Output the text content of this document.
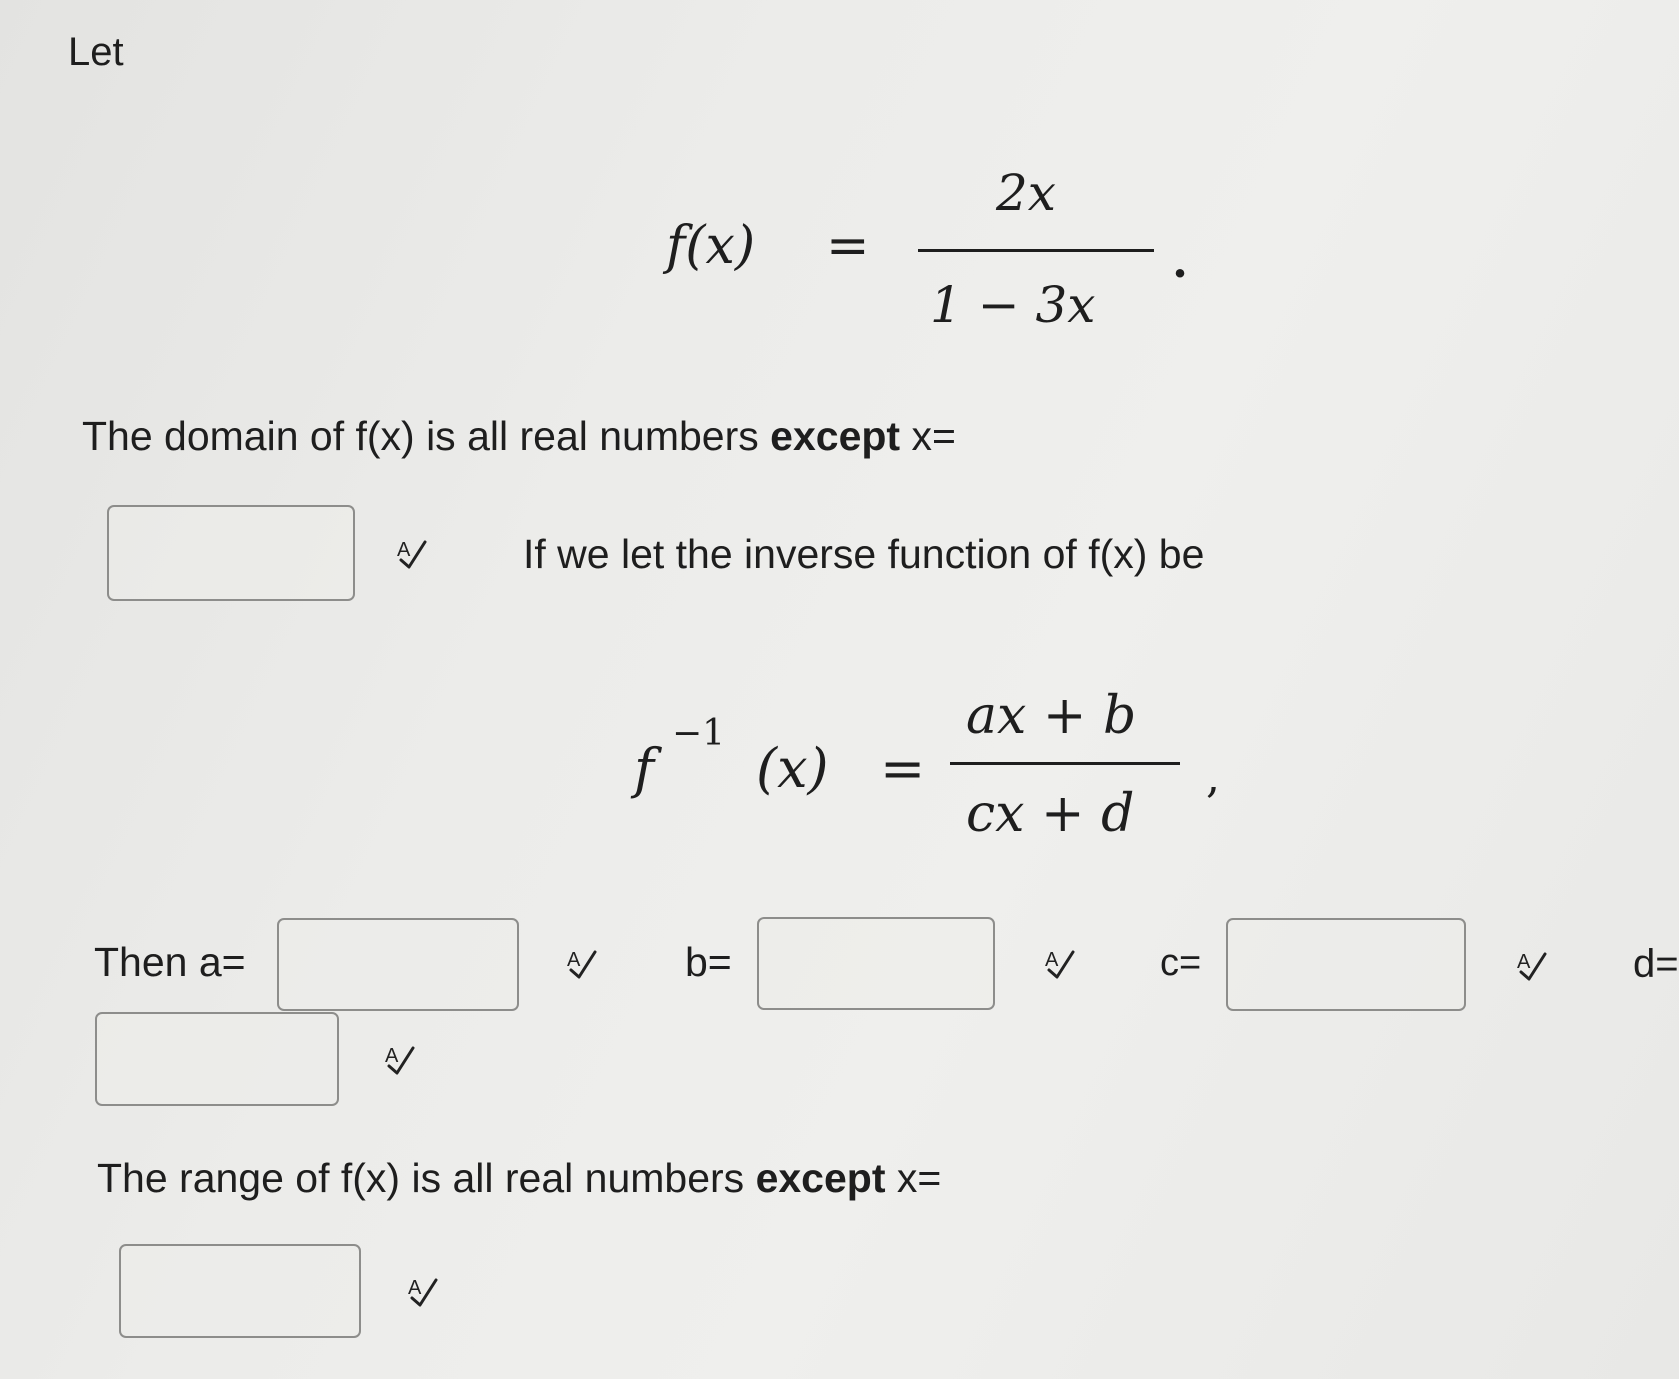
Let
f(x) =
2x
1 − 3x
.
The domain of f(x) is all real numbers except x=
A	If we let the inverse function of f(x) be
f
−1
(x) =
ax + b
cx + d
,
Then a=	A	b=	A	c=	A	d=
A
The range of f(x) is all real numbers except x=
A
